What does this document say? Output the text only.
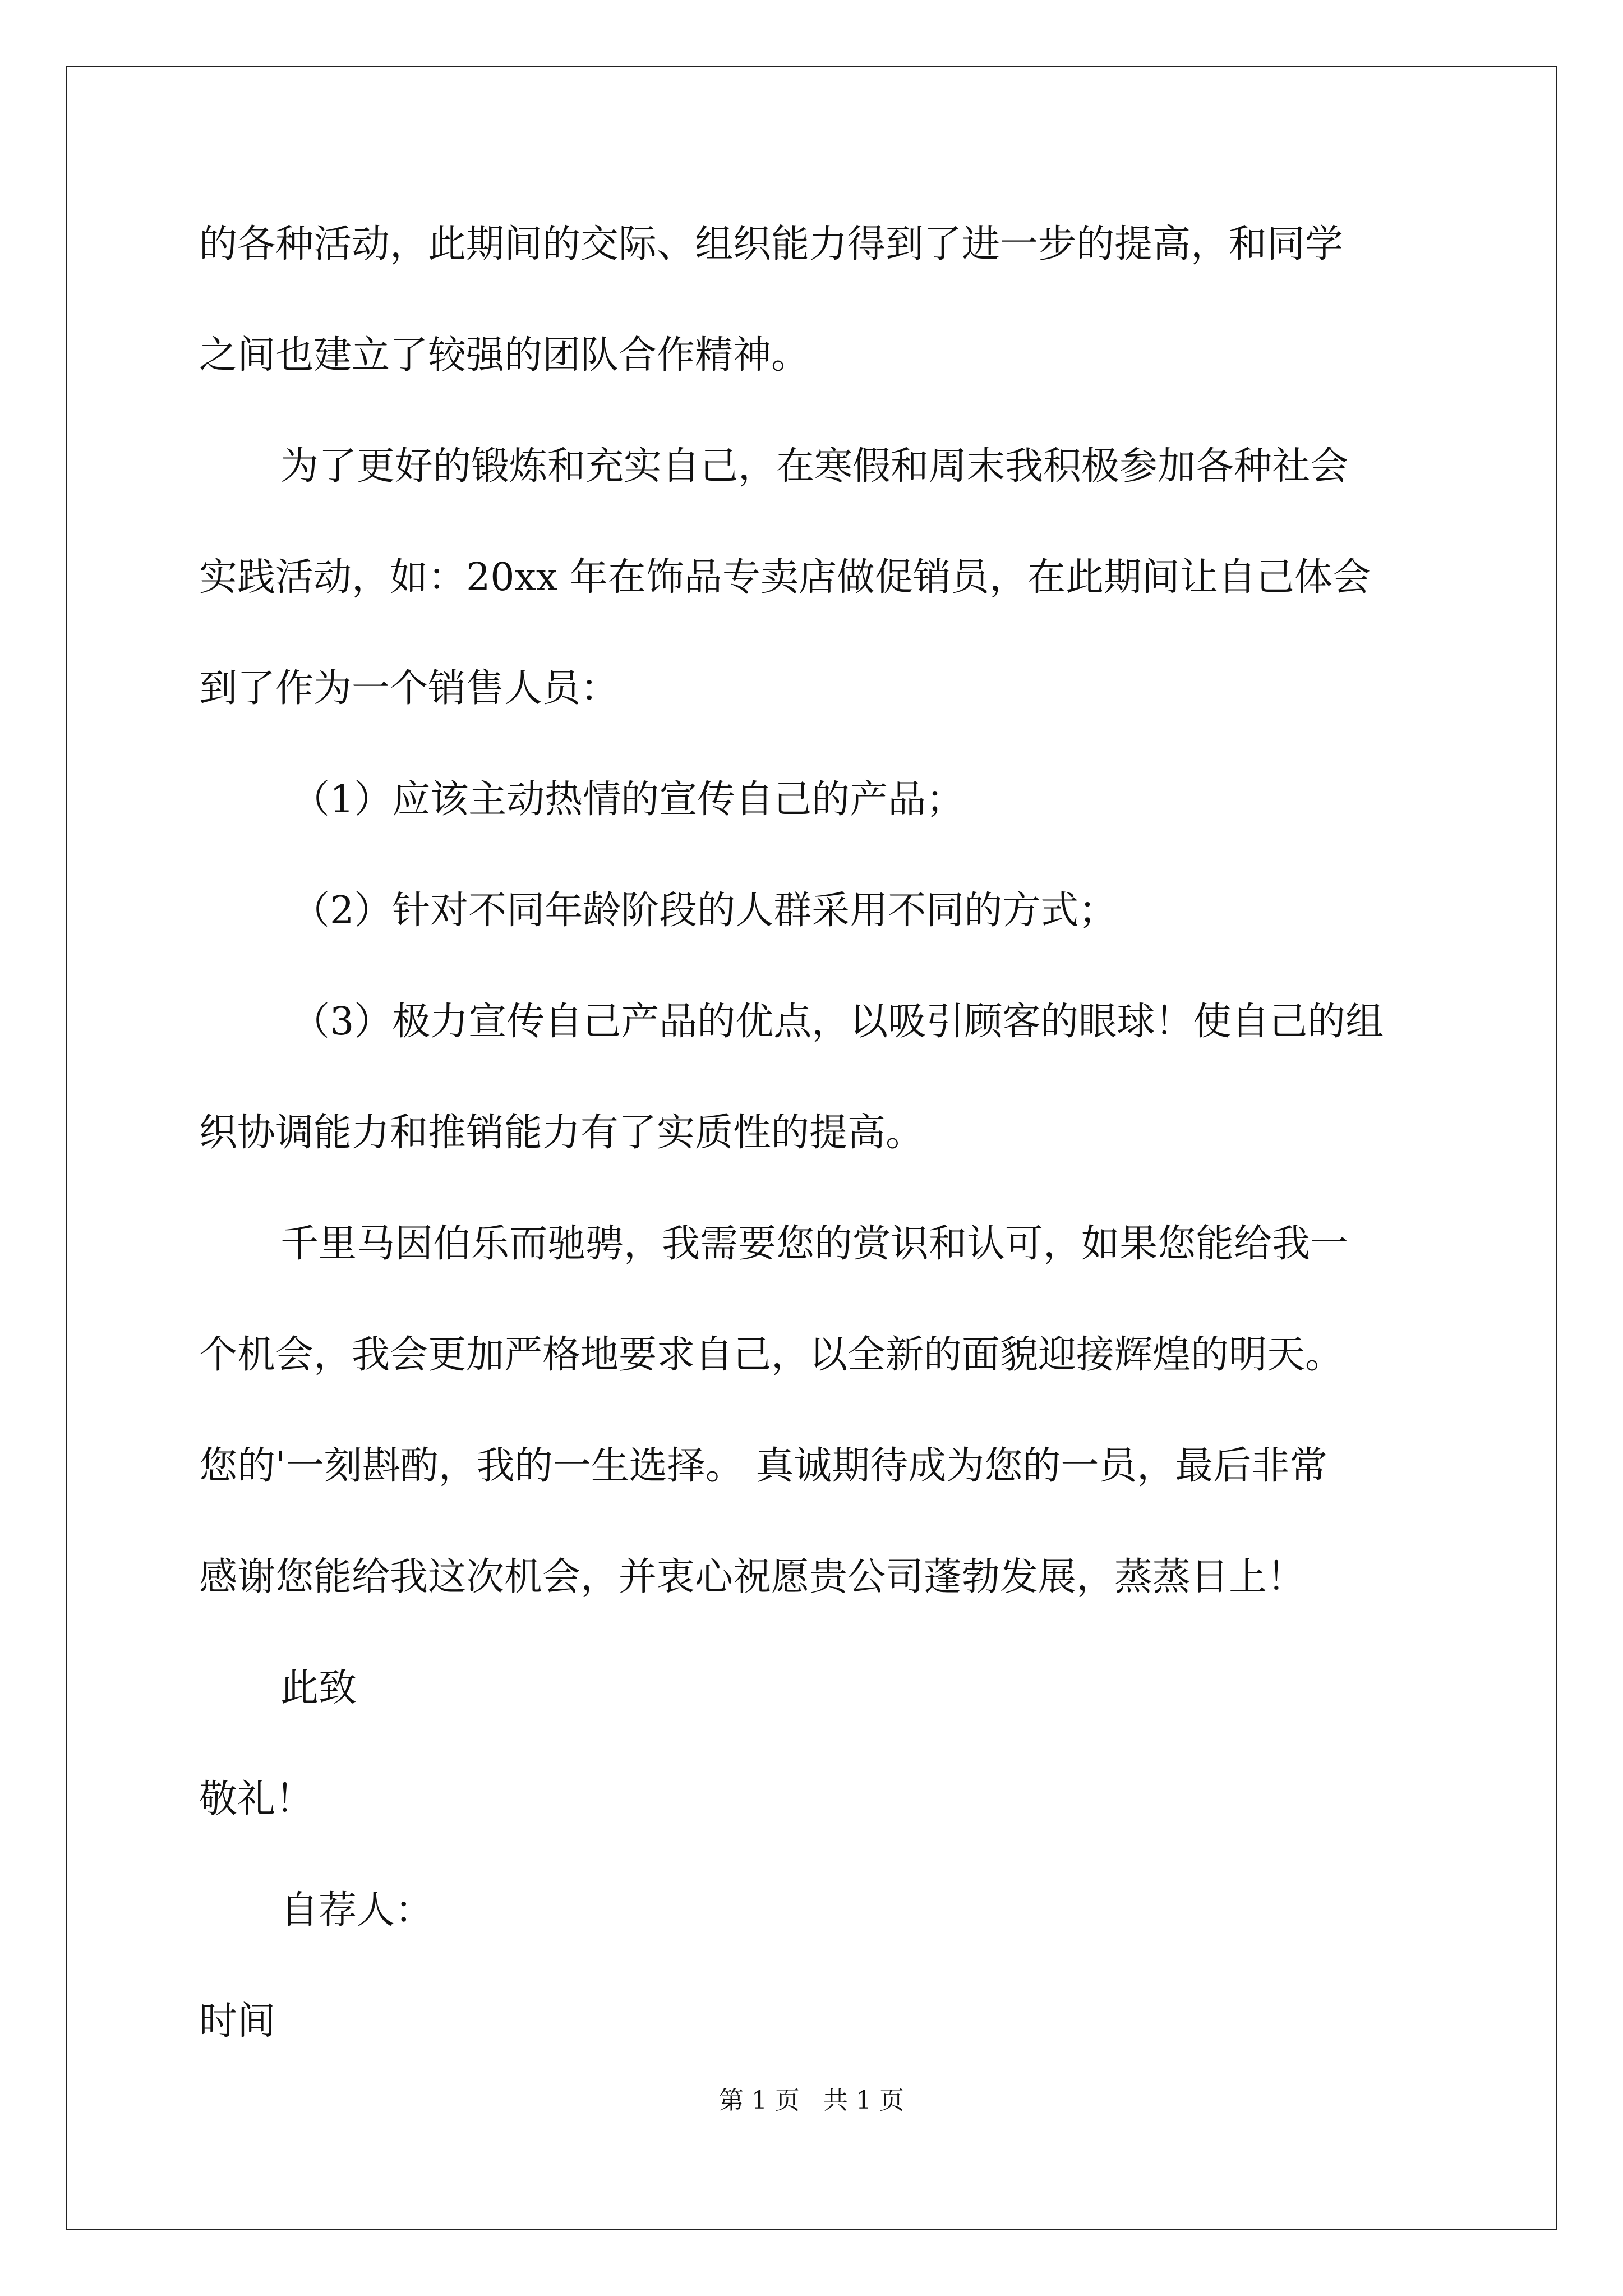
的各种活动，此期间的交际、组织能力得到了进一步的提高，和同学
之间也建立了较强的团队合作精神。
为了更好的锻炼和充实自己，在寒假和周末我积极参加各种社会
实践活动，如：20xx 年在饰品专卖店做促销员，在此期间让自己体会
到了作为一个销售人员：
（1）应该主动热情的宣传自己的产品；
（2）针对不同年龄阶段的人群采用不同的方式；
（3）极力宣传自己产品的优点，以吸引顾客的眼球！使自己的组
织协调能力和推销能力有了实质性的提高。
千里马因伯乐而驰骋，我需要您的赏识和认可，如果您能给我一
个机会，我会更加严格地要求自己，以全新的面貌迎接辉煌的明天。
您的'一刻斟酌，我的一生选择。 真诚期待成为您的一员，最后非常
感谢您能给我这次机会，并衷心祝愿贵公司蓬勃发展，蒸蒸日上！
此致
敬礼！
自荐人：
时间
第 1 页   共 1 页
